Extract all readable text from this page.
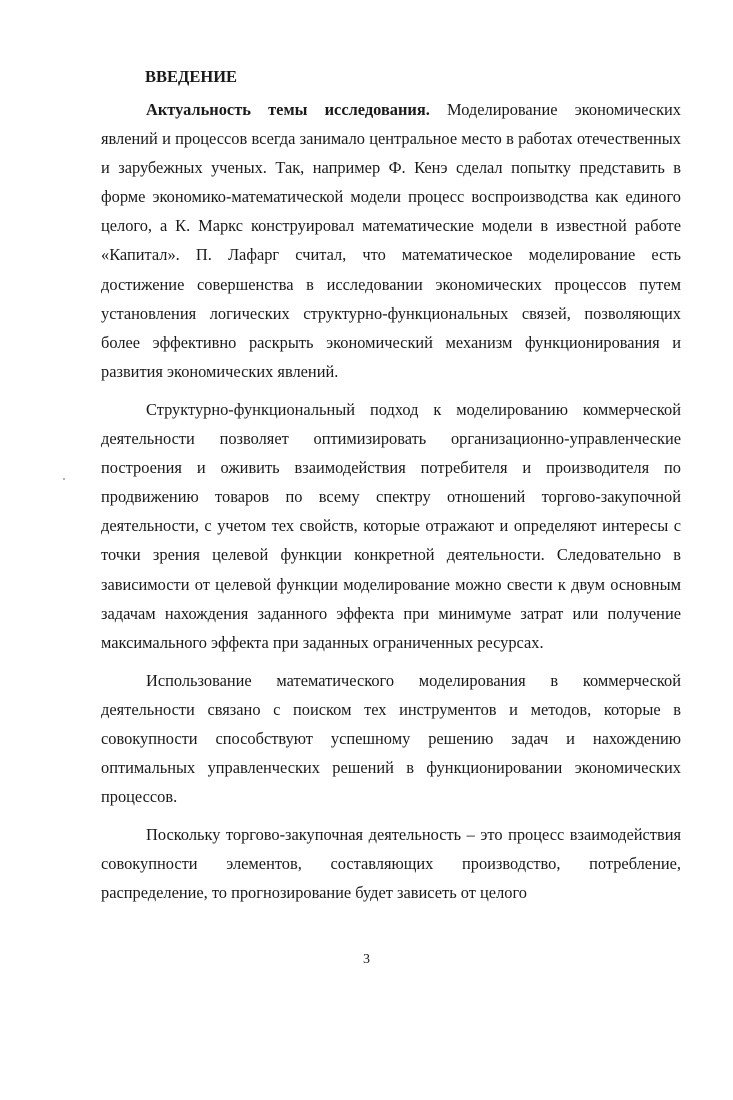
ВВЕДЕНИЕ

Актуальность темы исследования. Моделирование экономических явлений и процессов всегда занимало центральное место в работах отечественных и зарубежных ученых. Так, например Ф. Кенэ сделал попытку представить в форме экономико-математической модели процесс воспроизводства как единого целого, а К. Маркс конструировал математические модели в известной работе «Капитал». П. Лафарг считал, что математическое моделирование есть достижение совершенства в исследовании экономических процессов путем установления логических структурно-функциональных связей, позволяющих более эффективно раскрыть экономический механизм функционирования и развития экономических явлений.

Структурно-функциональный подход к моделированию коммерческой деятельности позволяет оптимизировать организационно-управленческие построения и оживить взаимодействия потребителя и производителя по продвижению товаров по всему спектру отношений торгово-закупочной деятельности, с учетом тех свойств, которые отражают и определяют интересы с точки зрения целевой функции конкретной деятельности. Следовательно в зависимости от целевой функции моделирование можно свести к двум основным задачам нахождения заданного эффекта при минимуме затрат или получение максимального эффекта при заданных ограниченных ресурсах.

Использование математического моделирования в коммерческой деятельности связано с поиском тех инструментов и методов, которые в совокупности способствуют успешному решению задач и нахождению оптимальных управленческих решений в функционировании экономических процессов.

Поскольку торгово-закупочная деятельность – это процесс взаимодействия совокупности элементов, составляющих производство, потребление, распределение, то прогнозирование будет зависеть от целого

3
